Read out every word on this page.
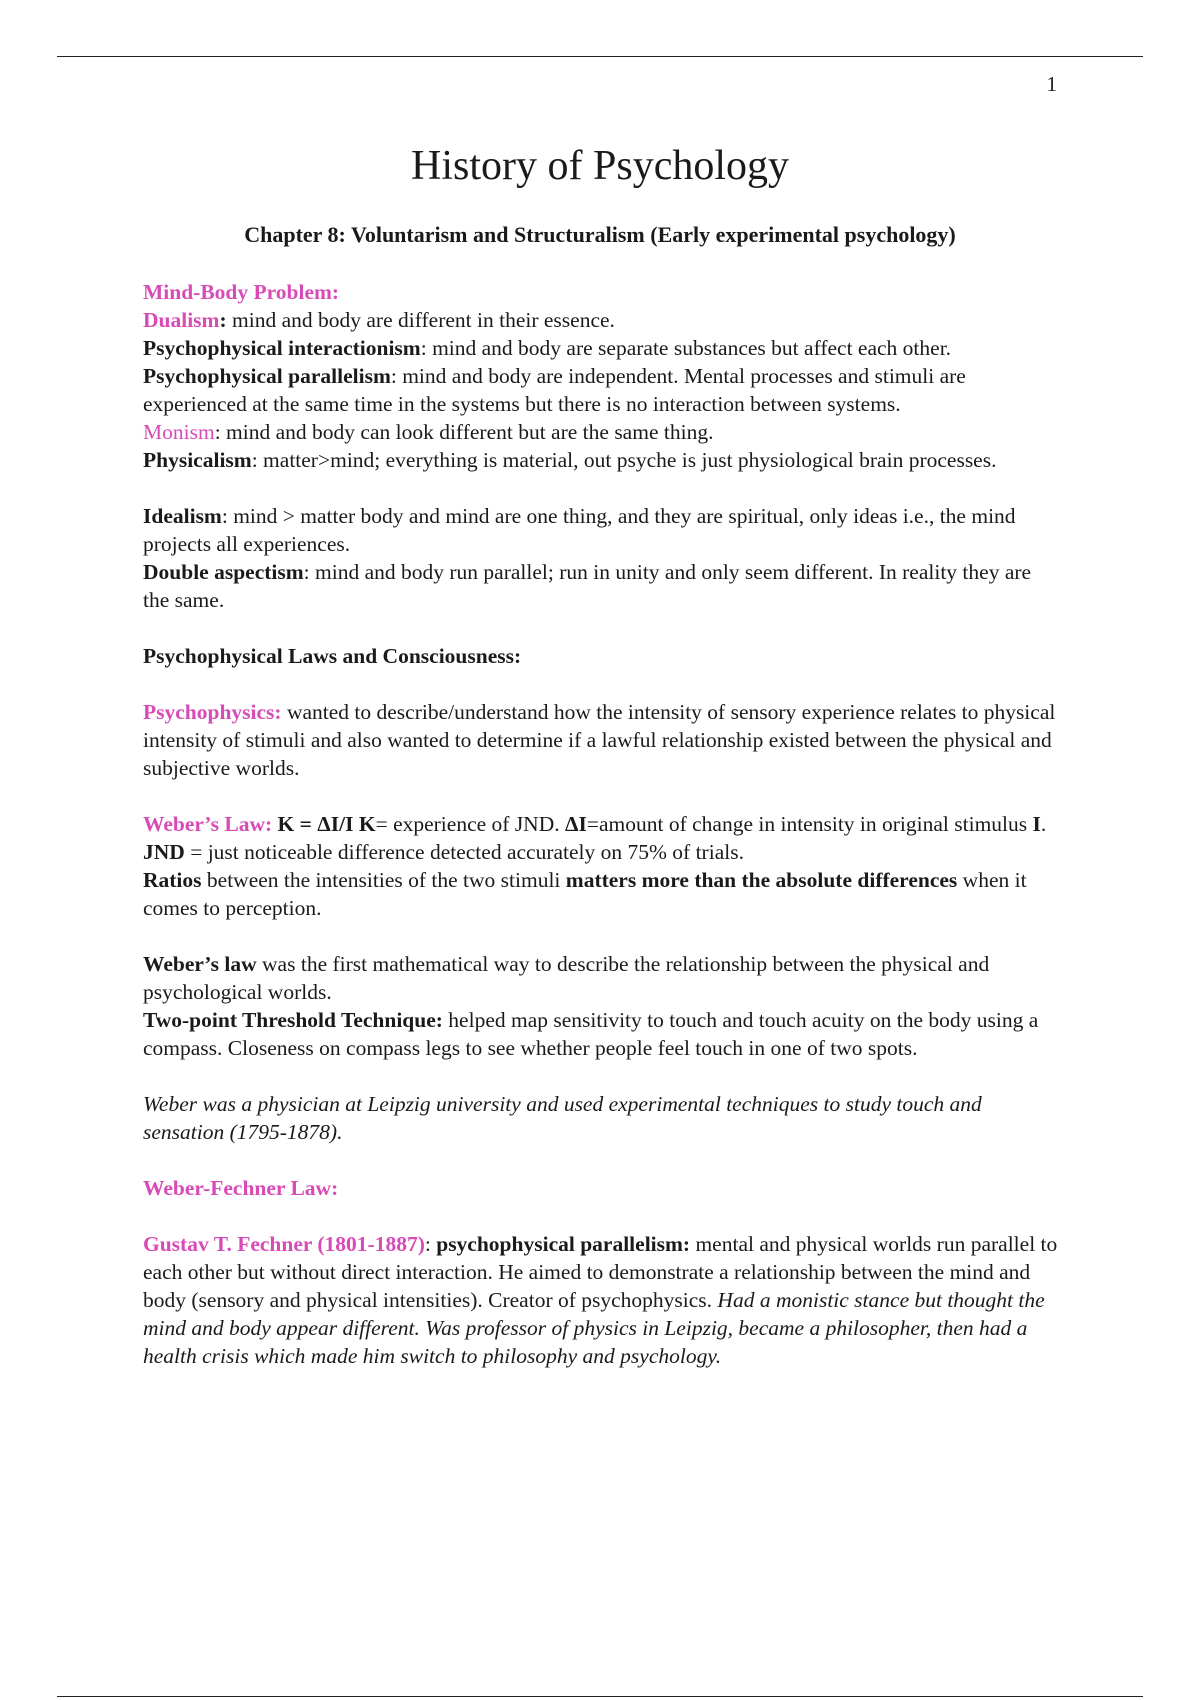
1
History of Psychology
Chapter 8: Voluntarism and Structuralism (Early experimental psychology)

Mind-Body Problem:

Dualism: mind and body are different in their essence.

Psychophysical interactionism: mind and body are separate substances but affect each other.

Psychophysical parallelism: mind and body are independent. Mental processes and stimuli are experienced at the same time in the systems but there is no interaction between systems.

Monism: mind and body can look different but are the same thing.

Physicalism: matter>mind; everything is material, out psyche is just physiological brain processes.

Idealism: mind > matter body and mind are one thing, and they are spiritual, only ideas i.e., the mind projects all experiences.

Double aspectism: mind and body run parallel; run in unity and only seem different. In reality they are the same.

Psychophysical Laws and Consciousness:

Psychophysics: wanted to describe/understand how the intensity of sensory experience relates to physical intensity of stimuli and also wanted to determine if a lawful relationship existed between the physical and subjective worlds.

Weber’s Law: K = ΔI/I K= experience of JND. ΔI=amount of change in intensity in original stimulus I. JND = just noticeable difference detected accurately on 75% of trials.

Ratios between the intensities of the two stimuli matters more than the absolute differences when it comes to perception.

Weber’s law was the first mathematical way to describe the relationship between the physical and psychological worlds.

Two-point Threshold Technique: helped map sensitivity to touch and touch acuity on the body using a compass. Closeness on compass legs to see whether people feel touch in one of two spots.

Weber was a physician at Leipzig university and used experimental techniques to study touch and sensation (1795-1878).

Weber-Fechner Law:

Gustav T. Fechner (1801-1887): psychophysical parallelism: mental and physical worlds run parallel to each other but without direct interaction. He aimed to demonstrate a relationship between the mind and body (sensory and physical intensities). Creator of psychophysics. Had a monistic stance but thought the mind and body appear different. Was professor of physics in Leipzig, became a philosopher, then had a health crisis which made him switch to philosophy and psychology.
